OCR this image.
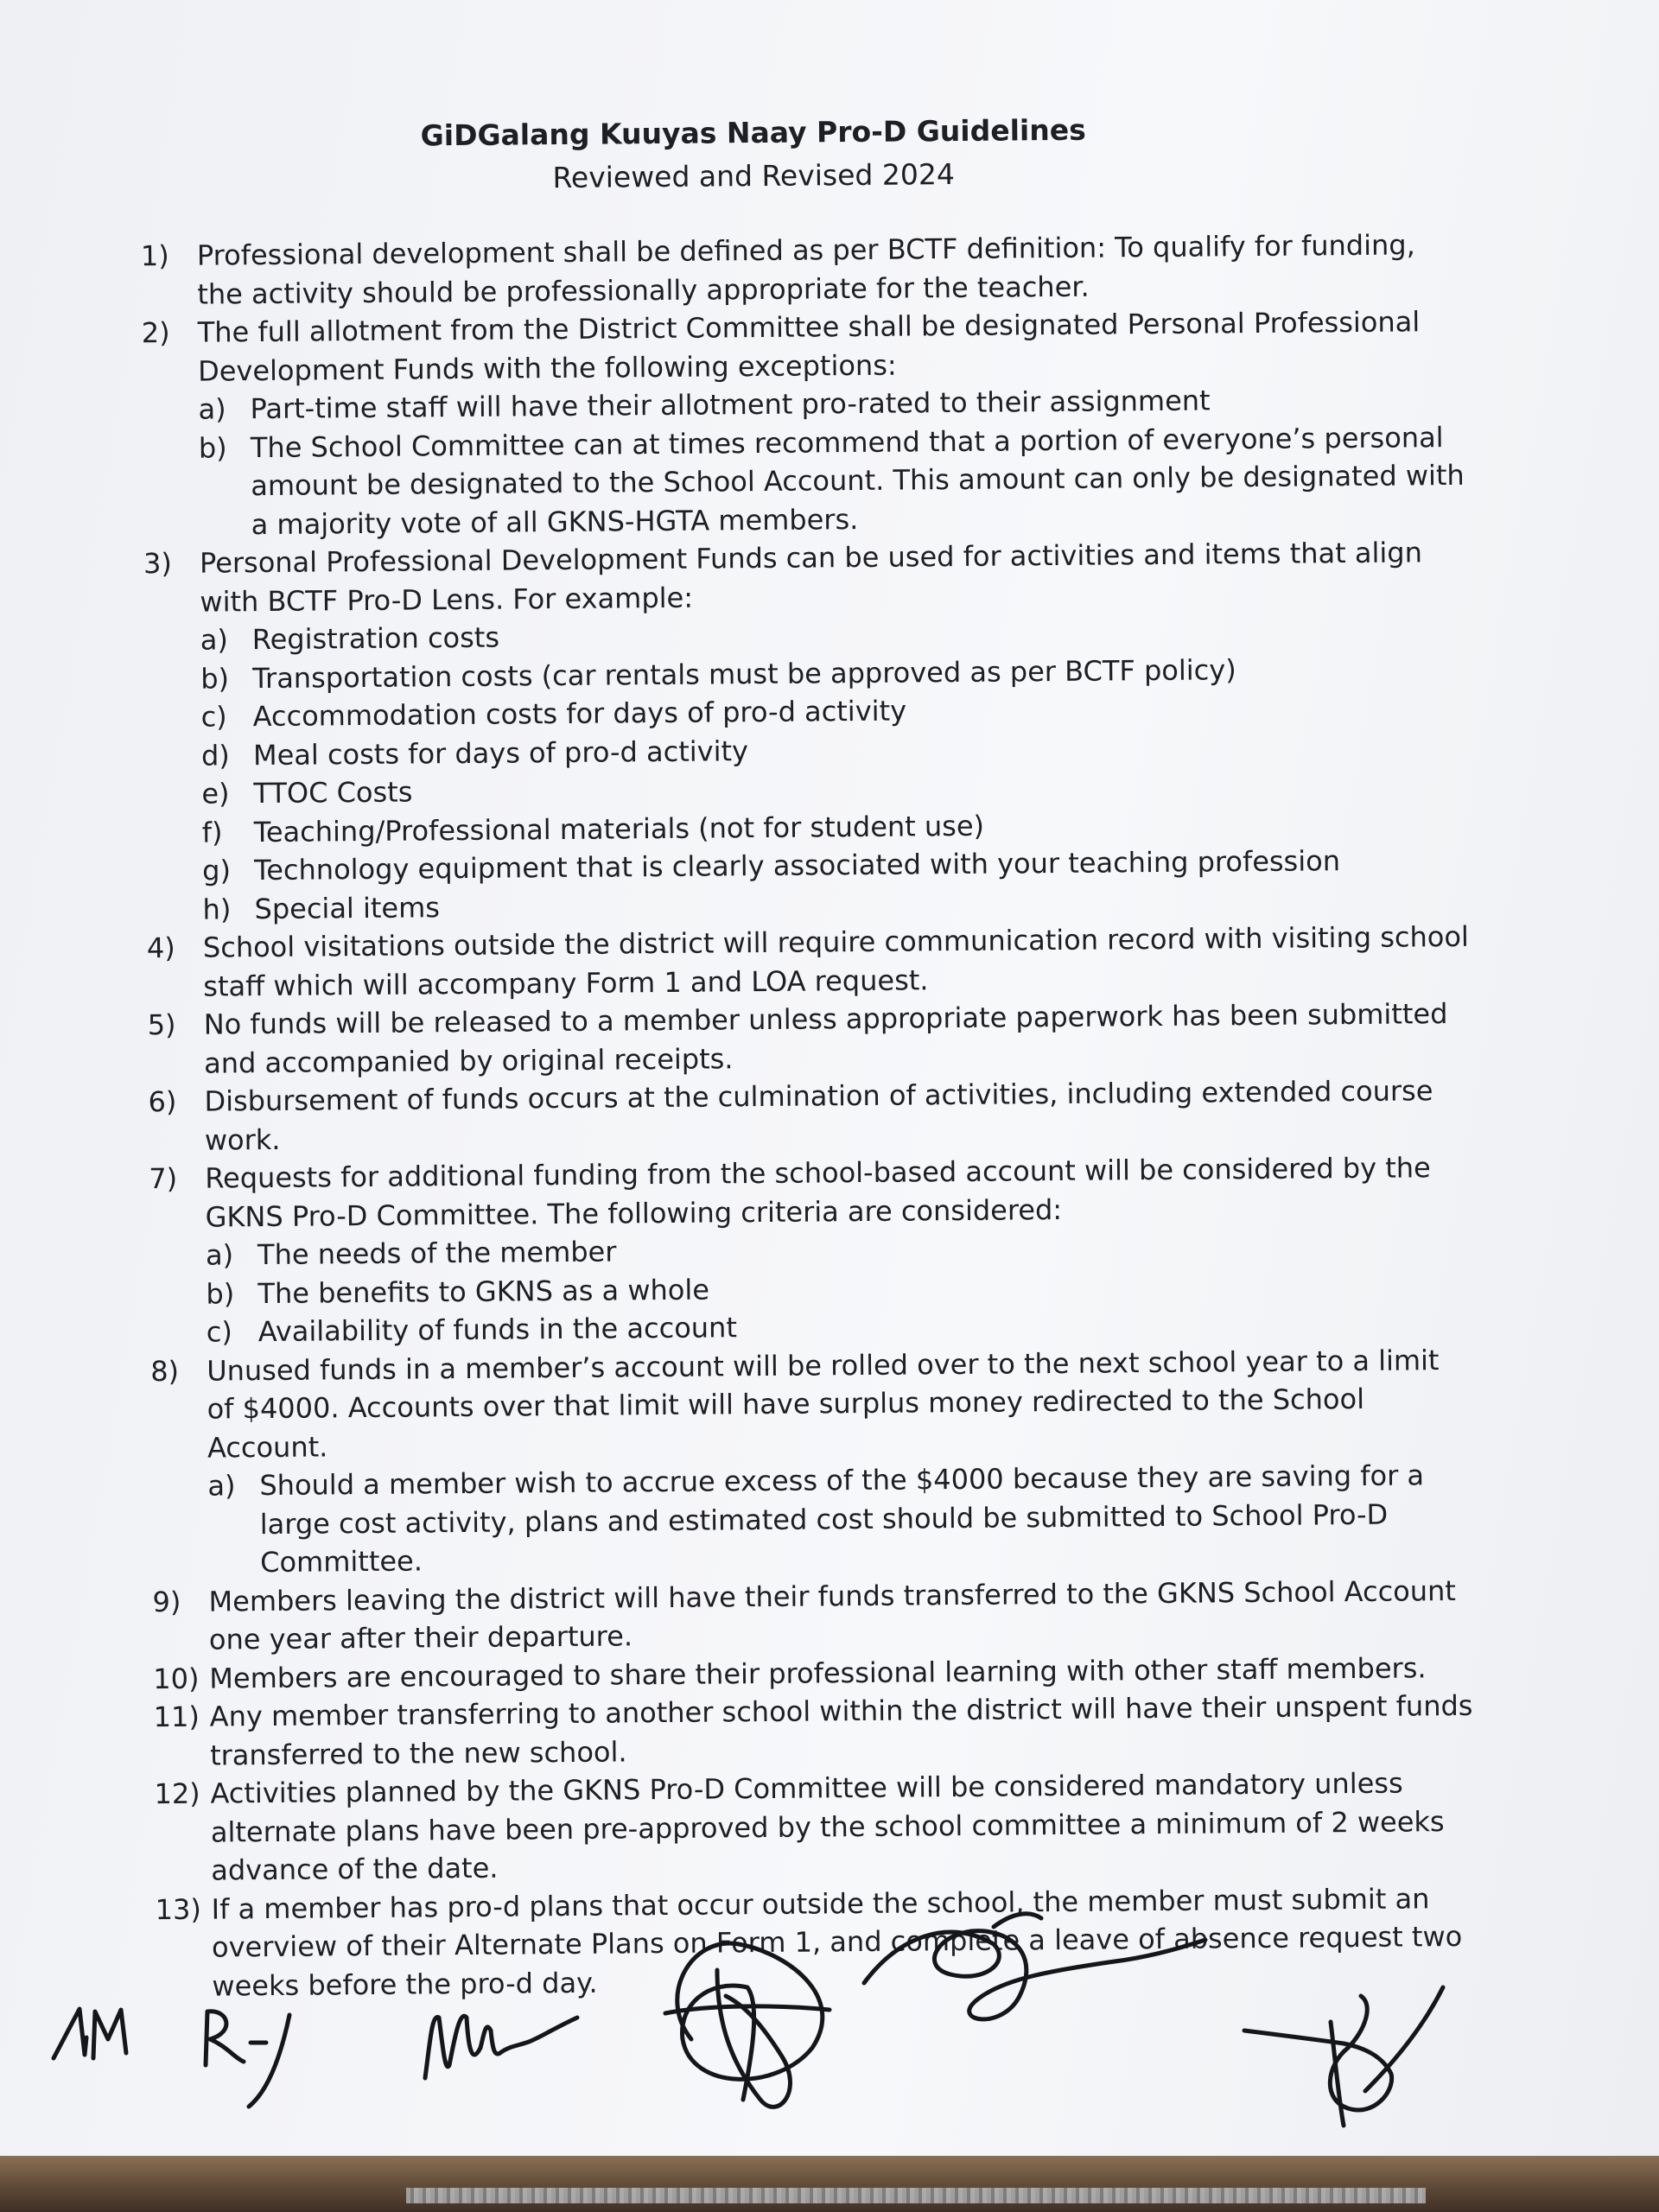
GiDGalang Kuuyas Naay Pro-D Guidelines
Reviewed and Revised 2024
1) Professional development shall be defined as per BCTF definition: To qualify for funding, the activity should be professionally appropriate for the teacher.
2) The full allotment from the District Committee shall be designated Personal Professional Development Funds with the following exceptions:
a) Part-time staff will have their allotment pro-rated to their assignment
b) The School Committee can at times recommend that a portion of everyone’s personal amount be designated to the School Account. This amount can only be designated with a majority vote of all GKNS-HGTA members.
3) Personal Professional Development Funds can be used for activities and items that align with BCTF Pro-D Lens. For example:
a) Registration costs
b) Transportation costs (car rentals must be approved as per BCTF policy)
c) Accommodation costs for days of pro-d activity
d) Meal costs for days of pro-d activity
e) TTOC Costs
f) Teaching/Professional materials (not for student use)
g) Technology equipment that is clearly associated with your teaching profession
h) Special items
4) School visitations outside the district will require communication record with visiting school staff which will accompany Form 1 and LOA request.
5) No funds will be released to a member unless appropriate paperwork has been submitted and accompanied by original receipts.
6) Disbursement of funds occurs at the culmination of activities, including extended course work.
7) Requests for additional funding from the school-based account will be considered by the GKNS Pro-D Committee. The following criteria are considered:
a) The needs of the member
b) The benefits to GKNS as a whole
c) Availability of funds in the account
8) Unused funds in a member’s account will be rolled over to the next school year to a limit of $4000. Accounts over that limit will have surplus money redirected to the School Account.
a) Should a member wish to accrue excess of the $4000 because they are saving for a large cost activity, plans and estimated cost should be submitted to School Pro-D Committee.
9) Members leaving the district will have their funds transferred to the GKNS School Account one year after their departure.
10) Members are encouraged to share their professional learning with other staff members.
11) Any member transferring to another school within the district will have their unspent funds transferred to the new school.
12) Activities planned by the GKNS Pro-D Committee will be considered mandatory unless alternate plans have been pre-approved by the school committee a minimum of 2 weeks advance of the date.
13) If a member has pro-d plans that occur outside the school, the member must submit an overview of their Alternate Plans on Form 1, and complete a leave of absence request two weeks before the pro-d day.
